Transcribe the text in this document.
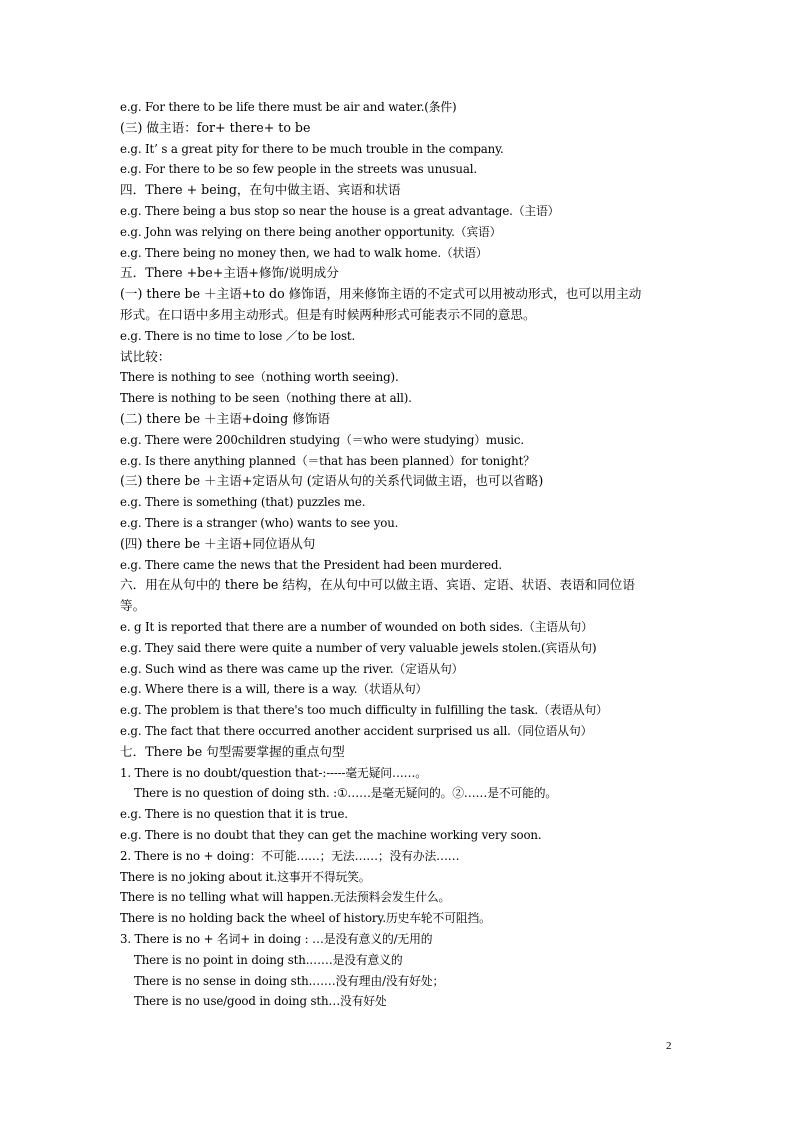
e.g. For there to be life there must be air and water.(条件)
(三) 做主语：for+ there+ to be
e.g. It’ s a great pity for there to be much trouble in the company.
e.g. For there to be so few people in the streets was unusual.
四．There + being，在句中做主语、宾语和状语
e.g. There being a bus stop so near the house is a great advantage.（主语）
e.g. John was relying on there being another opportunity.（宾语）
e.g. There being no money then, we had to walk home.（状语）
五．There +be+主语+修饰/说明成分
(一) there be ＋主语+to do 修饰语，用来修饰主语的不定式可以用被动形式，也可以用主动
形式。在口语中多用主动形式。但是有时候两种形式可能表示不同的意思。
e.g. There is no time to lose ／to be lost.
试比较：
There is nothing to see（nothing worth seeing).
There is nothing to be seen（nothing there at all).
(二) there be ＋主语+doing 修饰语
e.g. There were 200children studying（＝who were studying）music.
e.g. Is there anything planned（＝that has been planned）for tonight？
(三) there be ＋主语+定语从句 (定语从句的关系代词做主语，也可以省略)
e.g. There is something (that) puzzles me.
e.g. There is a stranger (who) wants to see you.
(四) there be ＋主语+同位语从句
e.g. There came the news that the President had been murdered.
六．用在从句中的 there be 结构，在从句中可以做主语、宾语、定语、状语、表语和同位语
等。
e. g It is reported that there are a number of wounded on both sides.（主语从句）
e.g. They said there were quite a number of very valuable jewels stolen.(宾语从句)
e.g. Such wind as there was came up the river.（定语从句）
e.g. Where there is a will, there is a way.（状语从句）
e.g. The problem is that there's too much difficulty in fulfilling the task.（表语从句）
e.g. The fact that there occurred another accident surprised us all.（同位语从句）
七．There be 句型需要掌握的重点句型
1. There is no doubt/question that-:-----毫无疑问……。
There is no question of doing sth. :①……是毫无疑问的。②……是不可能的。
e.g. There is no question that it is true.
e.g. There is no doubt that they can get the machine working very soon.
2. There is no + doing：不可能……；无法……；没有办法……
There is no joking about it.这事开不得玩笑。
There is no telling what will happen.无法预料会发生什么。
There is no holding back the wheel of history.历史车轮不可阻挡。
3. There is no + 名词+ in doing : …是没有意义的/无用的
There is no point in doing sth.……是没有意义的
There is no sense in doing sth.……没有理由/没有好处；
There is no use/good in doing sth…没有好处
2
